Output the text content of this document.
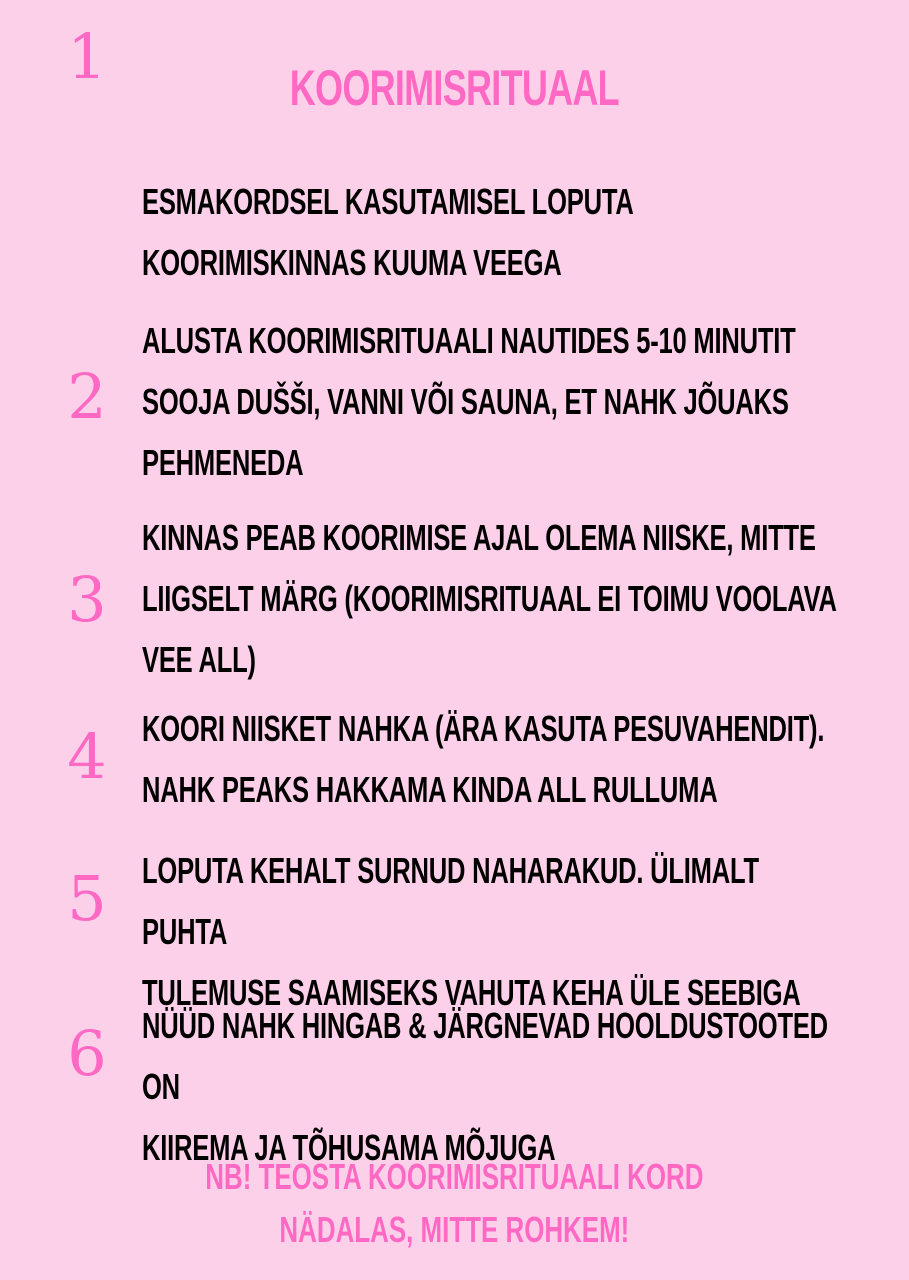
KOORIMISRITUAAL
1
ESMAKORDSEL KASUTAMISEL LOPUTA
KOORIMISKINNAS KUUMA VEEGA
2
ALUSTA KOORIMISRITUAALI NAUTIDES 5-10 MINUTIT
SOOJA DUŠŠI, VANNI VÕI SAUNA, ET NAHK JÕUAKS
PEHMENEDA
3
KINNAS PEAB KOORIMISE AJAL OLEMA NIISKE, MITTE
LIIGSELT MÄRG (KOORIMISRITUAAL EI TOIMU VOOLAVA
VEE ALL)
4 KOORI NIISKET NAHKA (ÄRA KASUTA PESUVAHENDIT).
NAHK PEAKS HAKKAMA KINDA ALL RULLUMA
5 LOPUTA KEHALT SURNUD NAHARAKUD. ÜLIMALT PUHTA
TULEMUSE SAAMISEKS VAHUTA KEHA ÜLE SEEBIGA
6 NÜÜD NAHK HINGAB & JÄRGNEVAD HOOLDUSTOOTED ON
KIIREMA JA TÕHUSAMA MÕJUGA
NB! TEOSTA KOORIMISRITUAALI KORD
NÄDALAS, MITTE ROHKEM!
